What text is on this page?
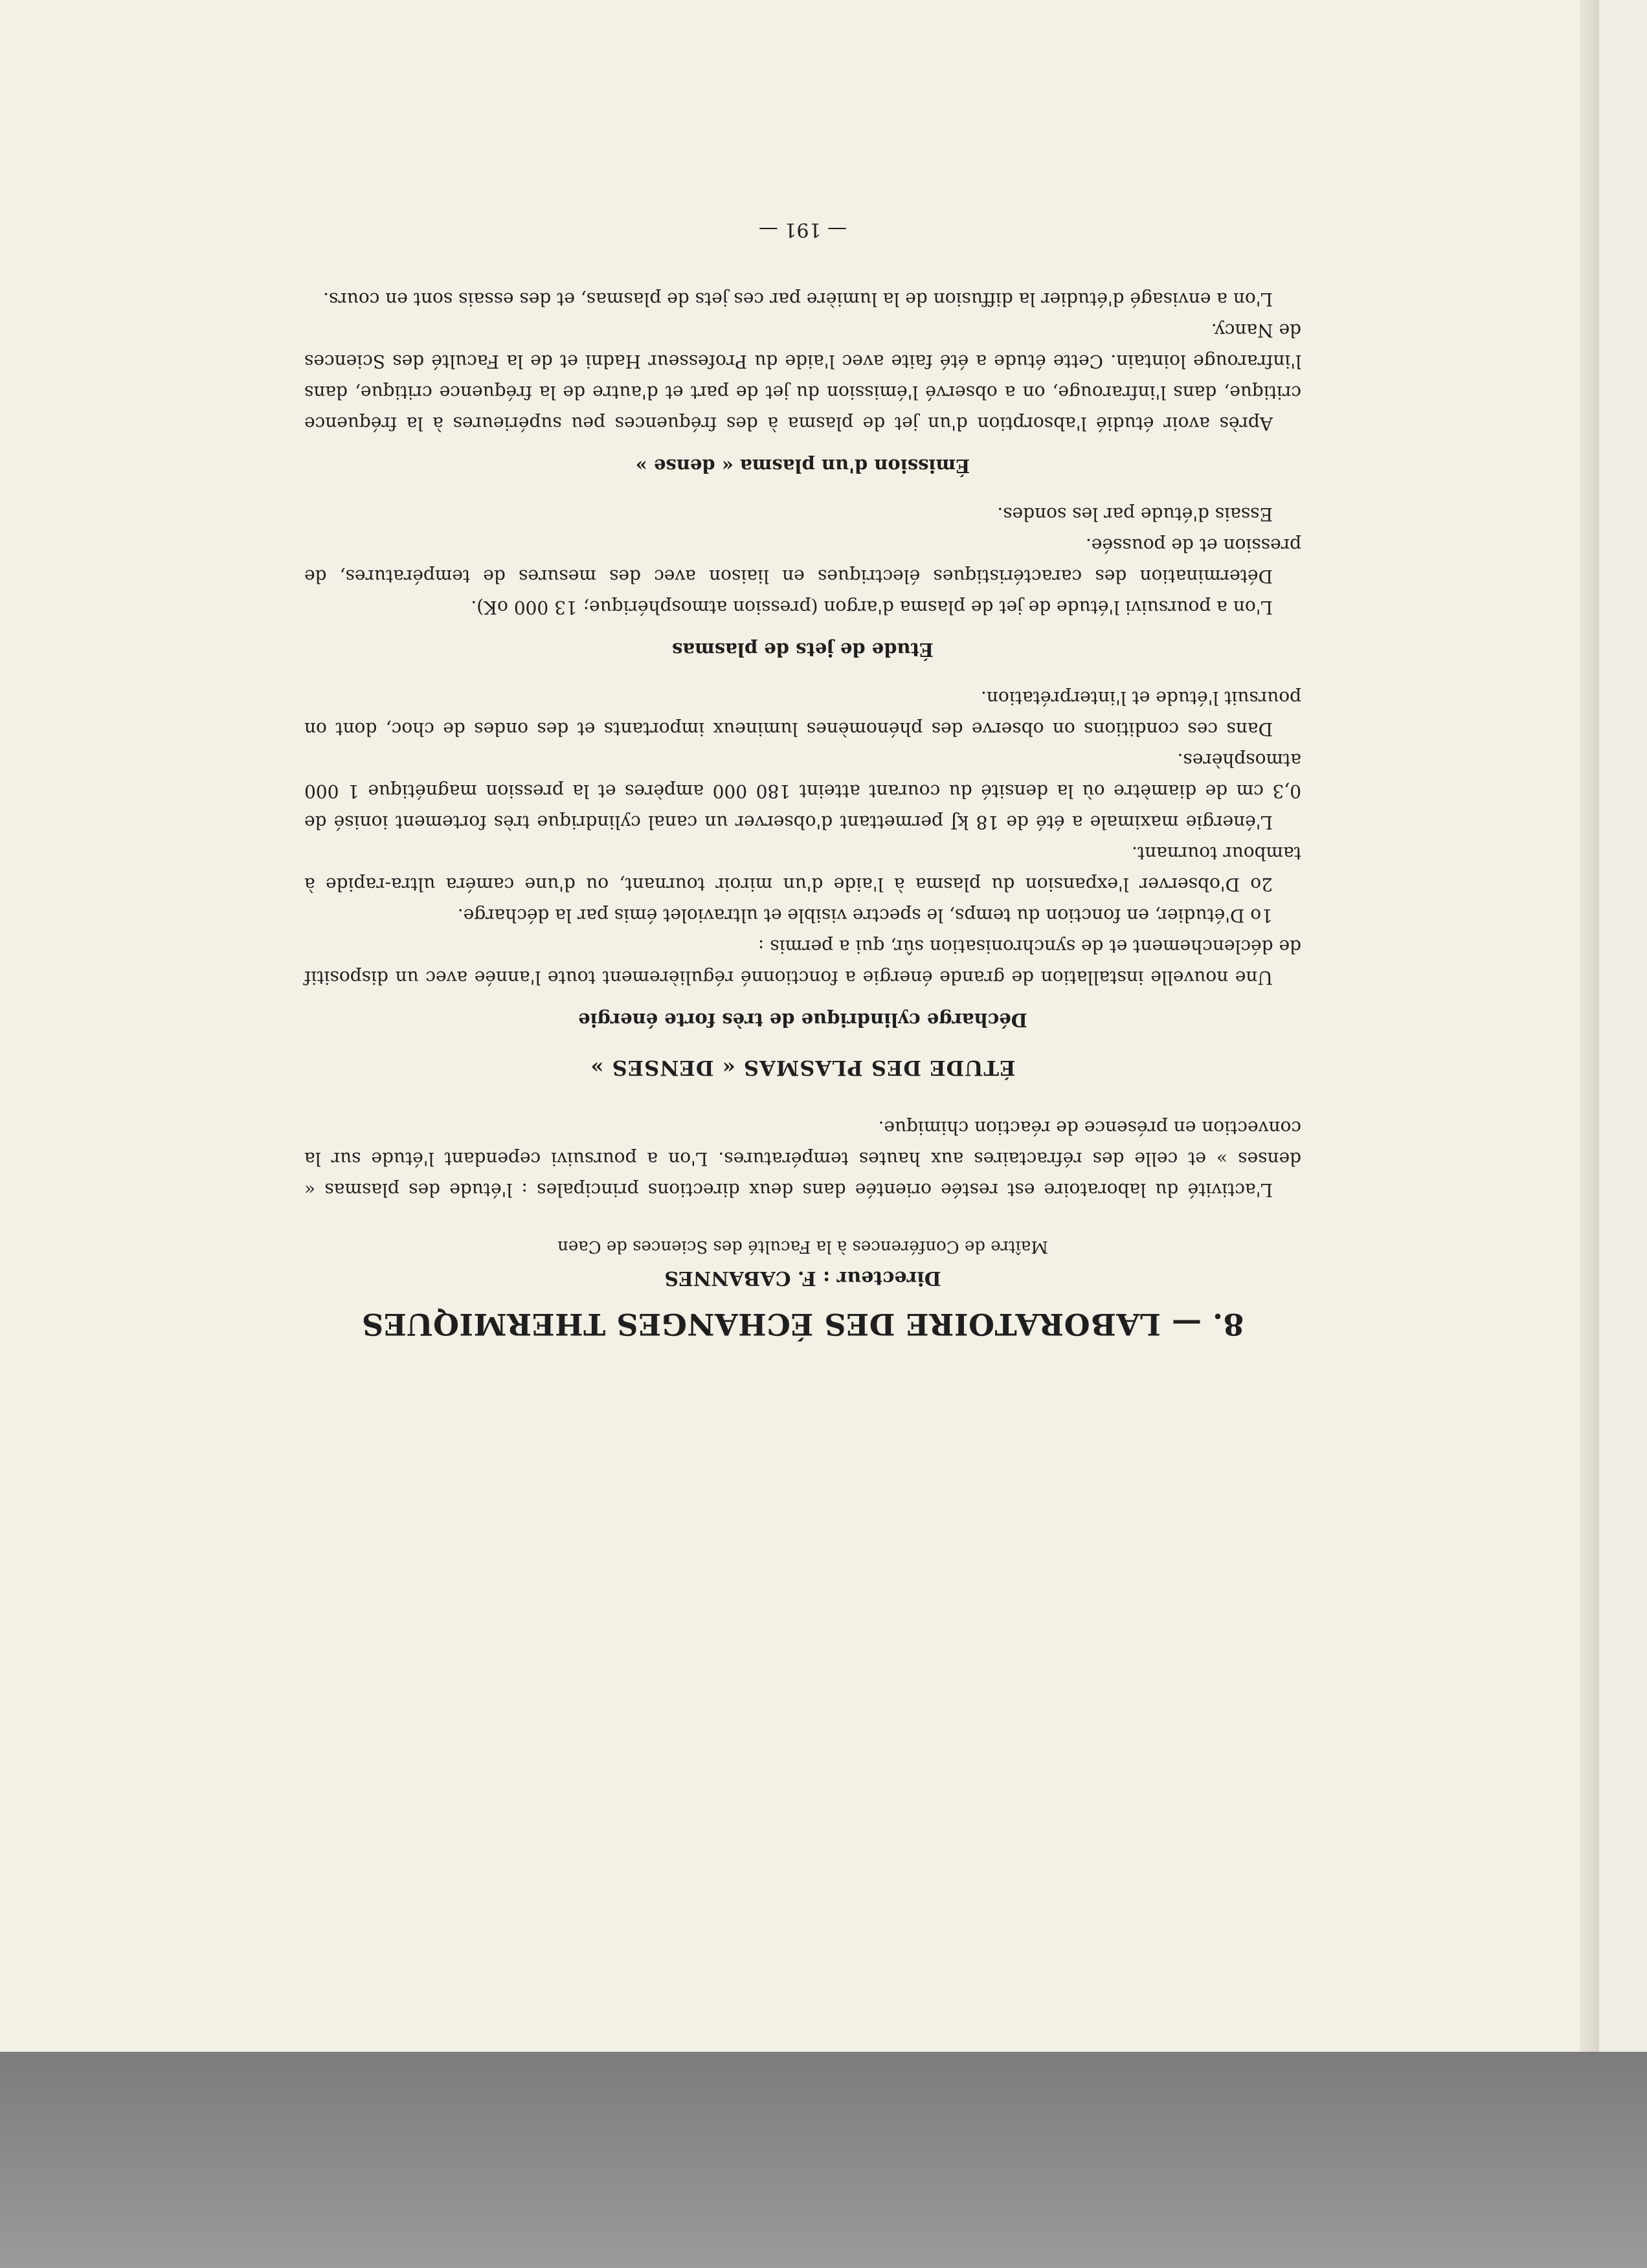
8. — LABORATOIRE DES ÉCHANGES THERMIQUES
Directeur : F. CABANNES
Maître de Conférences à la Faculté des Sciences de Caen

L'activité du laboratoire est restée orientée dans deux directions principales : l'étude des plasmas « denses » et celle des réfractaires aux hautes températures. L'on a poursuivi cependant l'étude sur la convection en présence de réaction chimique.

ÉTUDE DES PLASMAS « DENSES »
Décharge cylindrique de très forte énergie

Une nouvelle installation de grande énergie a fonctionné régulièrement toute l'année avec un dispositif de déclenchement et de synchronisation sûr, qui a permis :

1o D'étudier, en fonction du temps, le spectre visible et ultraviolet émis par la décharge.

2o D'observer l'expansion du plasma à l'aide d'un miroir tournant, ou d'une caméra ultra-rapide à tambour tournant.

L'énergie maximale a été de 18 kJ permettant d'observer un canal cylindrique très fortement ionisé de 0,3 cm de diamètre où la densité du courant atteint 180 000 ampères et la pression magnétique 1 000 atmosphères.

Dans ces conditions on observe des phénomènes lumineux importants et des ondes de choc, dont on poursuit l'étude et l'interprétation.

Étude de jets de plasmas

L'on a poursuivi l'étude de jet de plasma d'argon (pression atmosphérique; 13 000 oK).

Détermination des caractéristiques électriques en liaison avec des mesures de températures, de pression et de poussée.

Essais d'étude par les sondes.

Émission d'un plasma « dense »

Après avoir étudié l'absorption d'un jet de plasma à des fréquences peu supérieures à la fréquence critique, dans l'infrarouge, on a observé l'émission du jet de part et d'autre de la fréquence critique, dans l'infrarouge lointain. Cette étude a été faite avec l'aide du Professeur Hadni et de la Faculté des Sciences de Nancy.

L'on a envisagé d'étudier la diffusion de la lumière par ces jets de plasmas, et des essais sont en cours.

— 191 —
